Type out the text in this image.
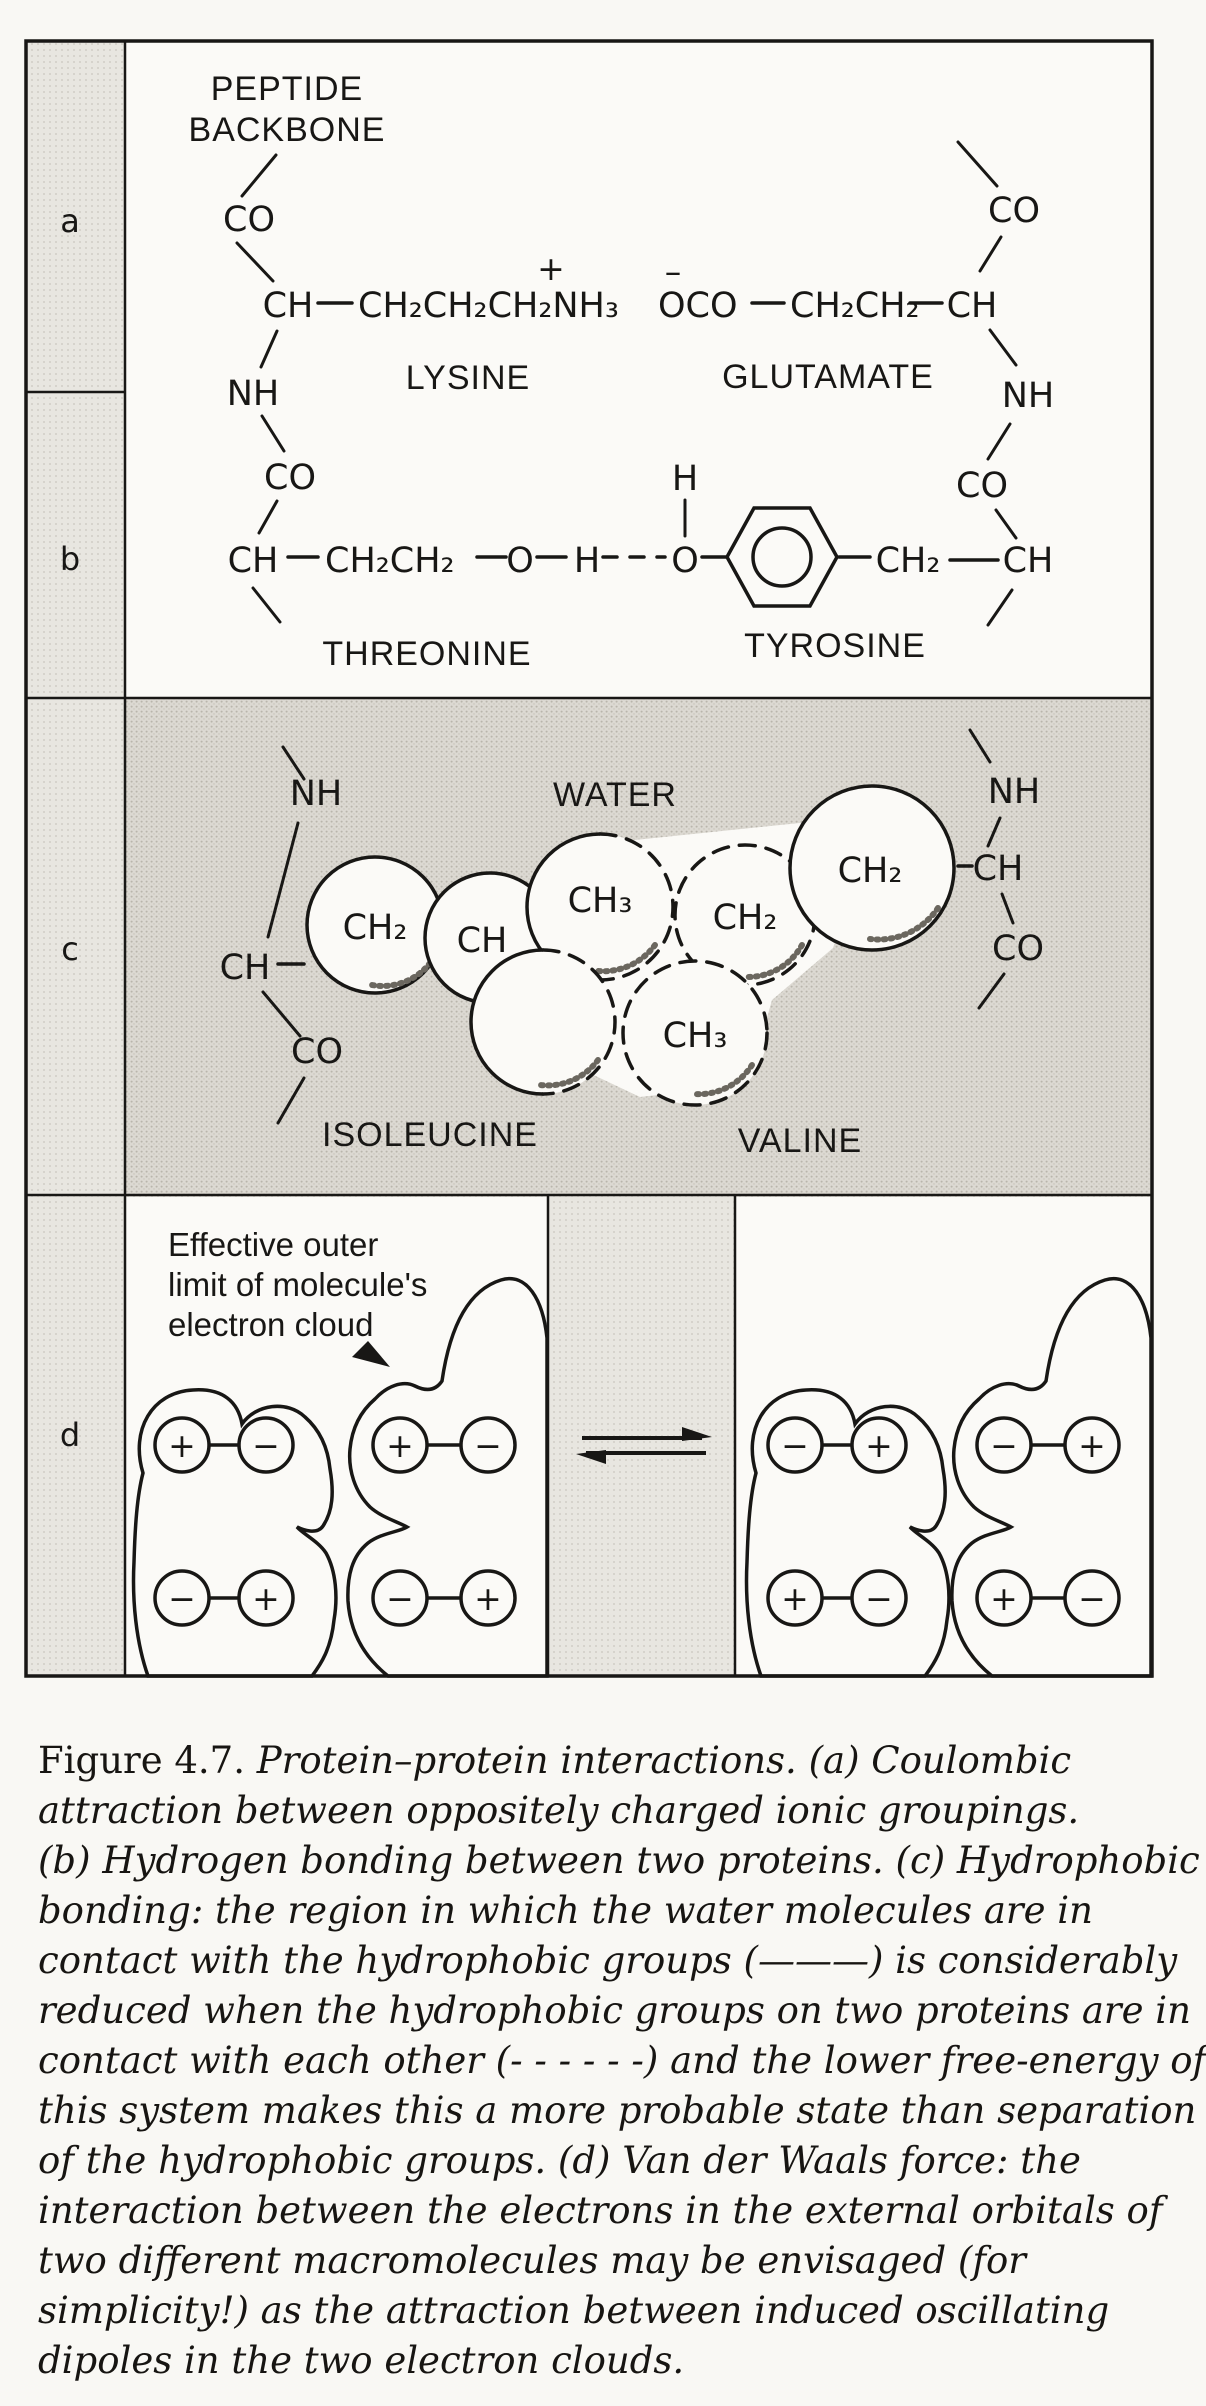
a
b
c
d
PEPTIDE
BACKBONE
CO
CH CH₂CH₂CH₂NH₃
+
LYSINE
NH
–
OCO CH₂CH₂ CH
GLUTAMATE
CO
NH
CO
CH CH₂CH₂ O H O
H
THREONINE
CH₂
TYROSINE
CO
CH
WATER
NH
CH
CO
CH₂ CH
CH₃ CH₂
CH₃
CH₂
NH
CH
CO
ISOLEUCINE	VALINE
Effective outer
limit of molecule's
electron cloud
+ −
− +
+ −
− +
− +
+ −
− +
+ −
Figure 4.7. Protein–protein interactions. (a) Coulombic
attraction between oppositely charged ionic groupings.
(b) Hydrogen bonding between two proteins. (c) Hydrophobic
bonding: the region in which the water molecules are in
contact with the hydrophobic groups (———) is considerably
reduced when the hydrophobic groups on two proteins are in
contact with each other (- - - - - -) and the lower free-energy of
this system makes this a more probable state than separation
of the hydrophobic groups. (d) Van der Waals force: the
interaction between the electrons in the external orbitals of
two different macromolecules may be envisaged (for
simplicity!) as the attraction between induced oscillating
dipoles in the two electron clouds.
